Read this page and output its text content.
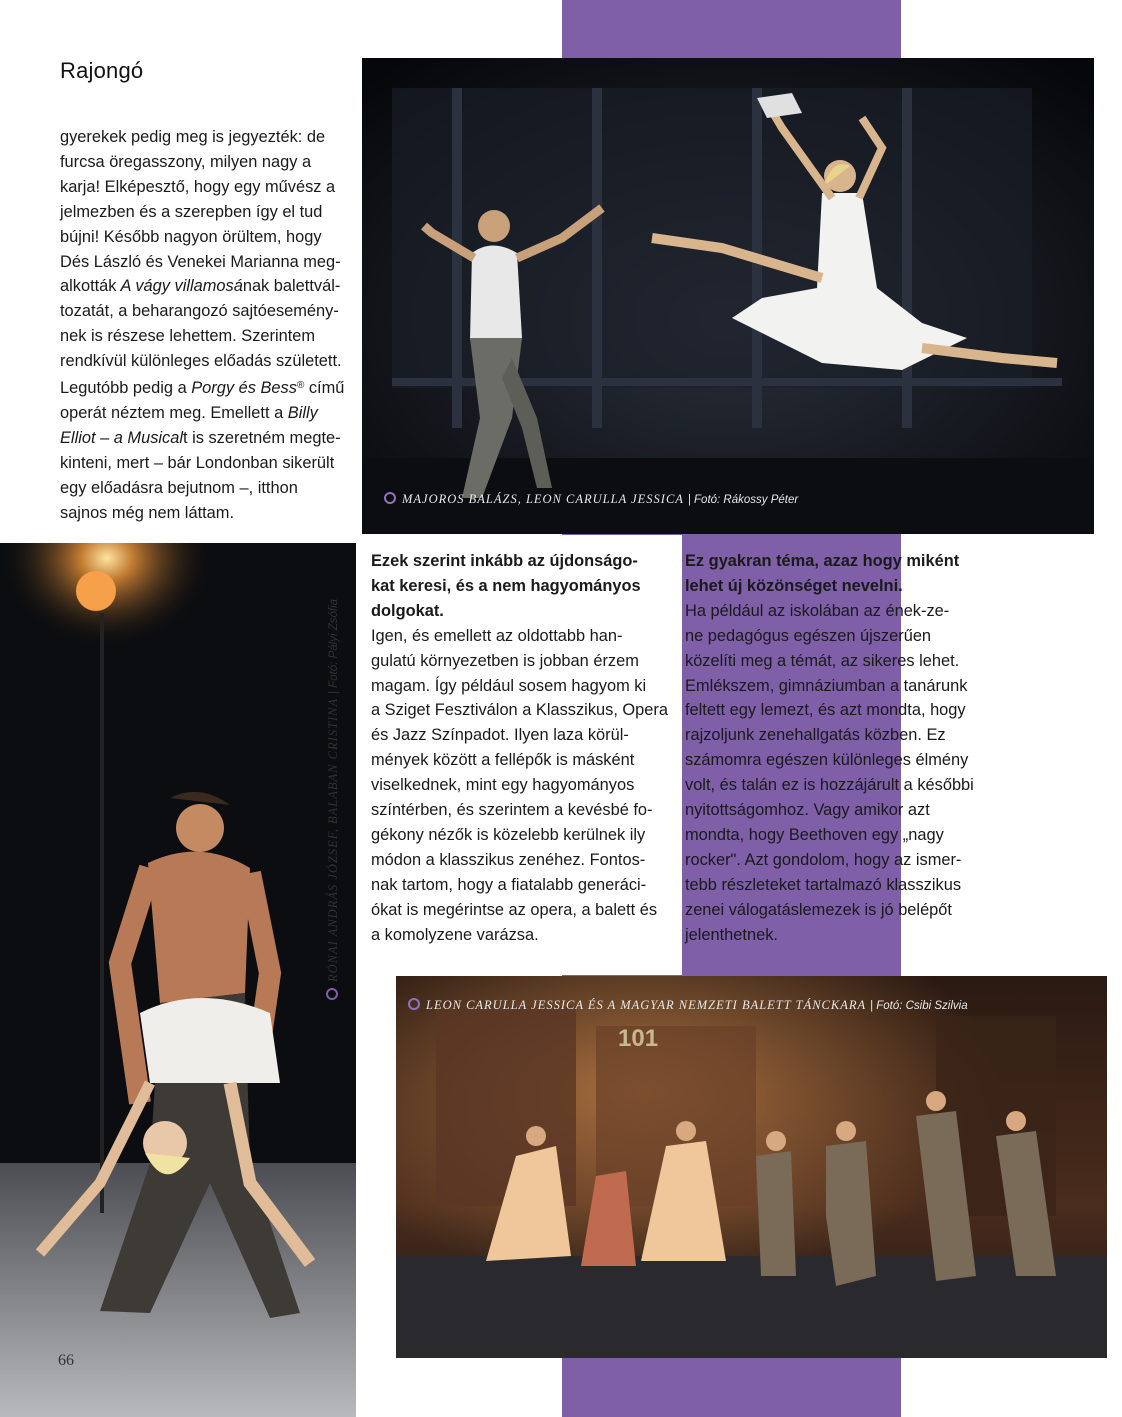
Rajongó
gyerekek pedig meg is jegyezték: de
furcsa öregasszony, milyen nagy a
karja! Elképesztő, hogy egy művész a
jelmezben és a szerepben így el tud
bújni! Később nagyon örültem, hogy
Dés László és Venekei Marianna meg-
alkották A vágy villamosának balettvál-
tozatát, a beharangozó sajtóesemény-
nek is részese lehettem. Szerintem
rendkívül különleges előadás született.
Legutóbb pedig a Porgy és Bess® című
operát néztem meg. Emellett a Billy
Elliot – a Musicalt is szeretném megte-
kinteni, mert – bár Londonban sikerült
egy előadásra bejutnom –, itthon
sajnos még nem láttam.
MAJOROS BALÁZS, LEON CARULLA JESSICA | Fotó: Rákossy Péter
RÓNAI ANDRÁS JÓZSEF, BALABAN CRISTINA | Fotó: Pályi Zsófia
Ezek szerint inkább az újdonságo-
kat keresi, és a nem hagyományos
dolgokat.
Igen, és emellett az oldottabb han-
gulatú környezetben is jobban érzem
magam. Így például sosem hagyom ki
a Sziget Fesztiválon a Klasszikus, Opera
és Jazz Színpadot. Ilyen laza körül-
mények között a fellépők is másként
viselkednek, mint egy hagyományos
színtérben, és szerintem a kevésbé fo-
gékony nézők is közelebb kerülnek ily
módon a klasszikus zenéhez. Fontos-
nak tartom, hogy a fiatalabb generáci-
ókat is megérintse az opera, a balett és
a komolyzene varázsa.
Ez gyakran téma, azaz hogy miként
lehet új közönséget nevelni.
Ha például az iskolában az ének-ze-
ne pedagógus egészen újszerűen
közelíti meg a témát, az sikeres lehet.
Emlékszem, gimnáziumban a tanárunk
feltett egy lemezt, és azt mondta, hogy
rajzoljunk zenehallgatás közben. Ez
számomra egészen különleges élmény
volt, és talán ez is hozzájárult a későbbi
nyitottságomhoz. Vagy amikor azt
mondta, hogy Beethoven egy „nagy
rocker". Azt gondolom, hogy az ismer-
tebb részleteket tartalmazó klasszikus
zenei válogatáslemezek is jó belépőt
jelenthetnek.
101
LEON CARULLA JESSICA ÉS A MAGYAR NEMZETI BALETT TÁNCKARA | Fotó: Csibi Szilvia
66
